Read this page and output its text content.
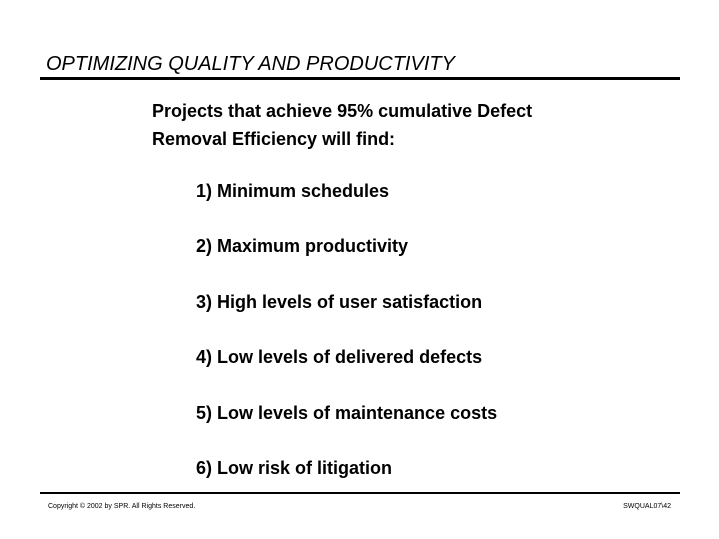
OPTIMIZING QUALITY AND PRODUCTIVITY

Projects that achieve 95% cumulative Defect
Removal Efficiency will find:

1) Minimum schedules
2) Maximum productivity
3) High levels of user satisfaction
4) Low levels of delivered defects
5) Low levels of maintenance costs
6) Low risk of litigation
Copyright © 2002 by SPR. All Rights Reserved.	SWQUAL07\42
